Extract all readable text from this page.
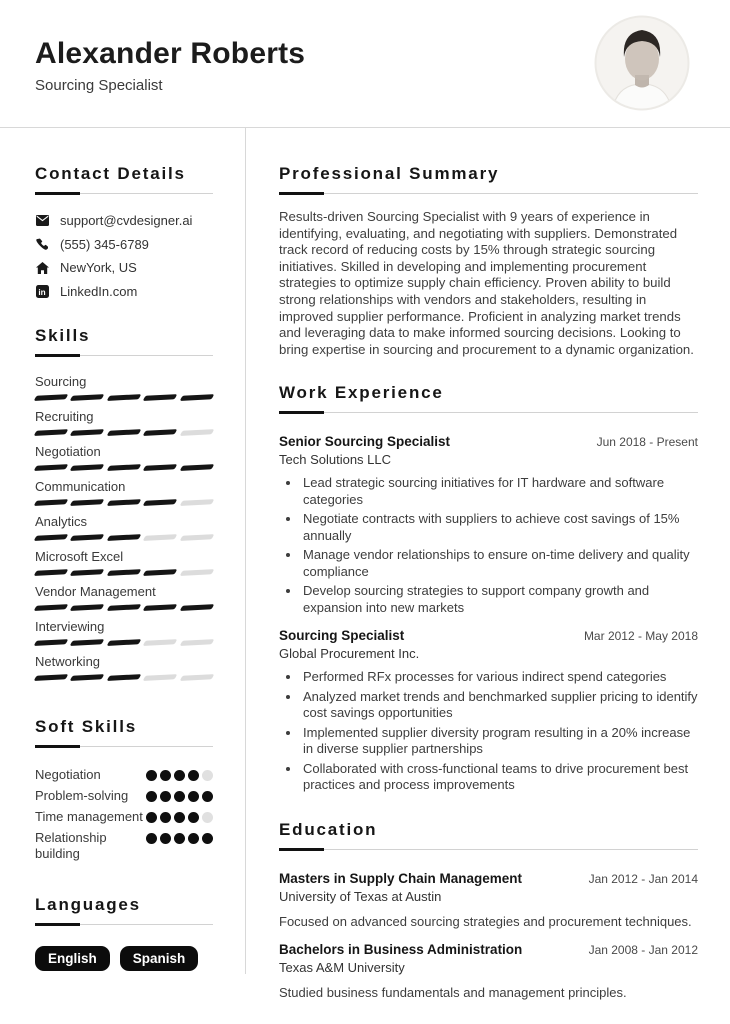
Alexander Roberts
Sourcing Specialist
Contact Details
support@cvdesigner.ai
(555) 345-6789
NewYork, US
in LinkedIn.com
Skills
Sourcing
Recruiting
Negotiation
Communication
Analytics
Microsoft Excel
Vendor Management
Interviewing
Networking
Soft Skills
Negotiation
Problem-solving
Time management
Relationship building
Languages
English	Spanish
Professional Summary

Results-driven Sourcing Specialist with 9 years of experience in identifying, evaluating, and negotiating with suppliers. Demonstrated track record of reducing costs by 15% through strategic sourcing initiatives. Skilled in developing and implementing procurement strategies to optimize supply chain efficiency. Proven ability to build strong relationships with vendors and stakeholders, resulting in improved supplier performance. Proficient in analyzing market trends and leveraging data to make informed sourcing decisions. Looking to bring expertise in sourcing and procurement to a dynamic organization.

Work Experience
Senior Sourcing Specialist	Jun 2018 - Present
Tech Solutions LLC
• Lead strategic sourcing initiatives for IT hardware and software categories
• Negotiate contracts with suppliers to achieve cost savings of 15% annually
• Manage vendor relationships to ensure on-time delivery and quality compliance
• Develop sourcing strategies to support company growth and expansion into new markets
Sourcing Specialist	Mar 2012 - May 2018
Global Procurement Inc.
• Performed RFx processes for various indirect spend categories
• Analyzed market trends and benchmarked supplier pricing to identify cost savings opportunities
• Implemented supplier diversity program resulting in a 20% increase in diverse supplier partnerships
• Collaborated with cross-functional teams to drive procurement best practices and process improvements
Education
Masters in Supply Chain Management	Jan 2012 - Jan 2014
University of Texas at Austin
Focused on advanced sourcing strategies and procurement techniques.
Bachelors in Business Administration	Jan 2008 - Jan 2012
Texas A&M University
Studied business fundamentals and management principles.
